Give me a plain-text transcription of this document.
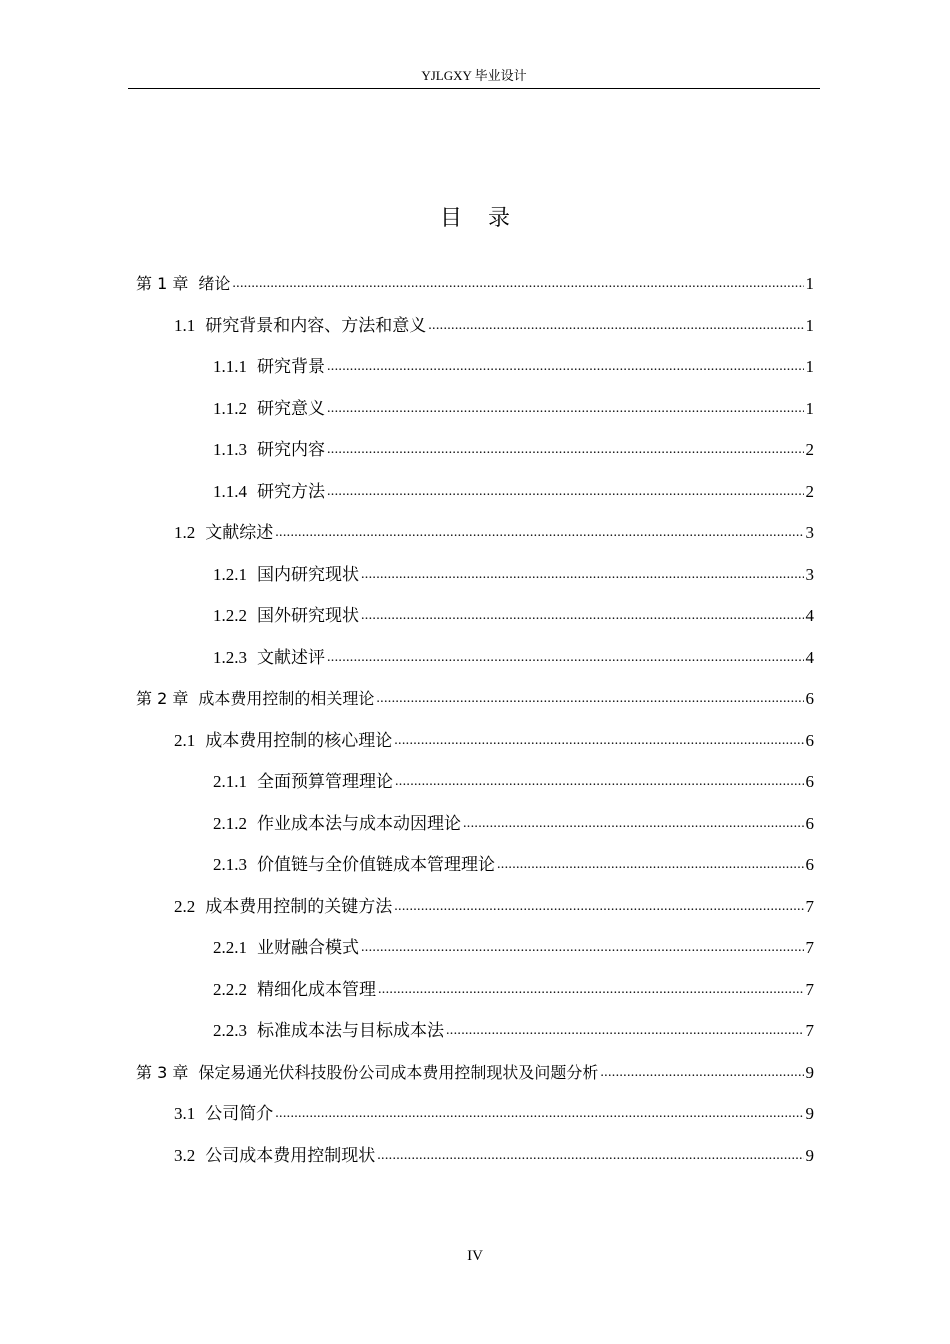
YJLGXY 毕业设计
目 录
第 1 章 绪论 .....	1
1.1 研究背景和内容、方法和意义 .....	1
1.1.1 研究背景 .....	1
1.1.2 研究意义 .....	1
1.1.3 研究内容 .....	2
1.1.4 研究方法 .....	2
1.2 文献综述 .....	3
1.2.1 国内研究现状 .....	3
1.2.2 国外研究现状 .....	4
1.2.3 文献述评 .....	4
第 2 章 成本费用控制的相关理论 .....	6
2.1 成本费用控制的核心理论 .....	6
2.1.1 全面预算管理理论 .....	6
2.1.2 作业成本法与成本动因理论 .....	6
2.1.3 价值链与全价值链成本管理理论 .....	6
2.2 成本费用控制的关键方法 .....	7
2.2.1 业财融合模式 .....	7
2.2.2 精细化成本管理 .....	7
2.2.3 标准成本法与目标成本法 .....	7
第 3 章 保定易通光伏科技股份公司成本费用控制现状及问题分析 .....	9
3.1 公司简介 .....	9
3.2 公司成本费用控制现状 .....	9
IV
